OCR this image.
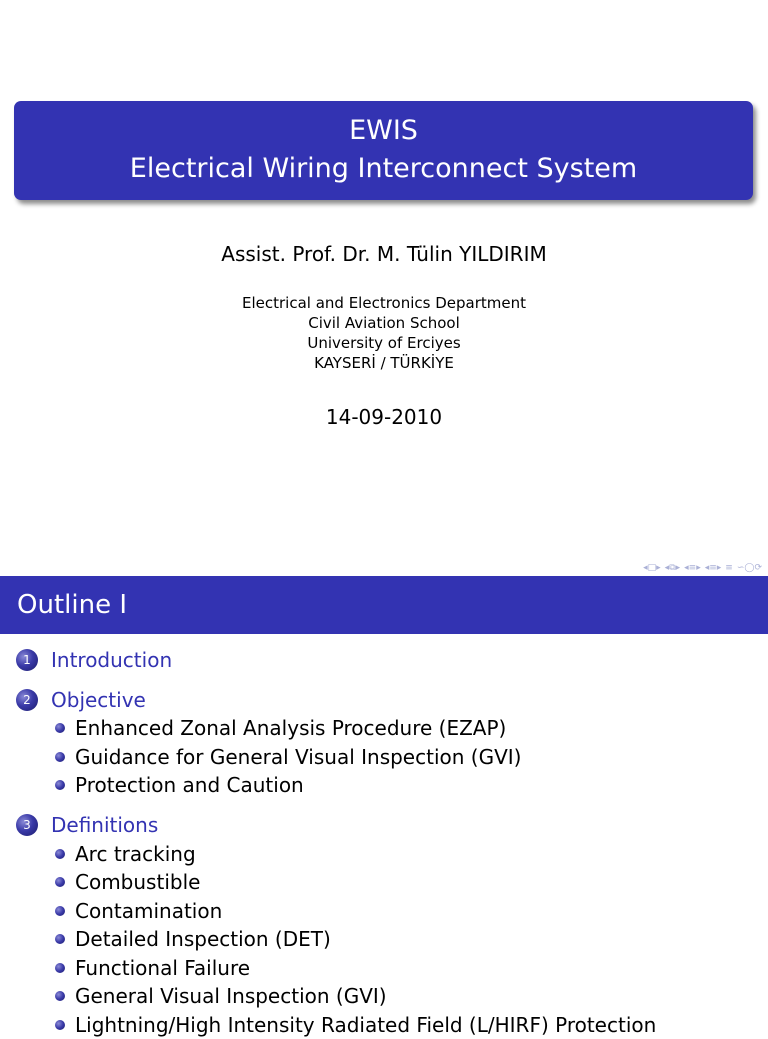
EWIS
Electrical Wiring Interconnect System
Assist. Prof. Dr. M. Tülin YILDIRIM
Electrical and Electronics Department
Civil Aviation School
University of Erciyes
KAYSERİ / TÜRKİYE
14-09-2010
◂□▸ ◂⧉▸ ◂≡▸ ◂≡▸ ≡ ∽◯⟳
Outline I
1	Introduction
2	Objective
Enhanced Zonal Analysis Procedure (EZAP)
Guidance for General Visual Inspection (GVI)
Protection and Caution
3	Definitions
Arc tracking
Combustible
Contamination
Detailed Inspection (DET)
Functional Failure
General Visual Inspection (GVI)
Lightning/High Intensity Radiated Field (L/HIRF) Protection
